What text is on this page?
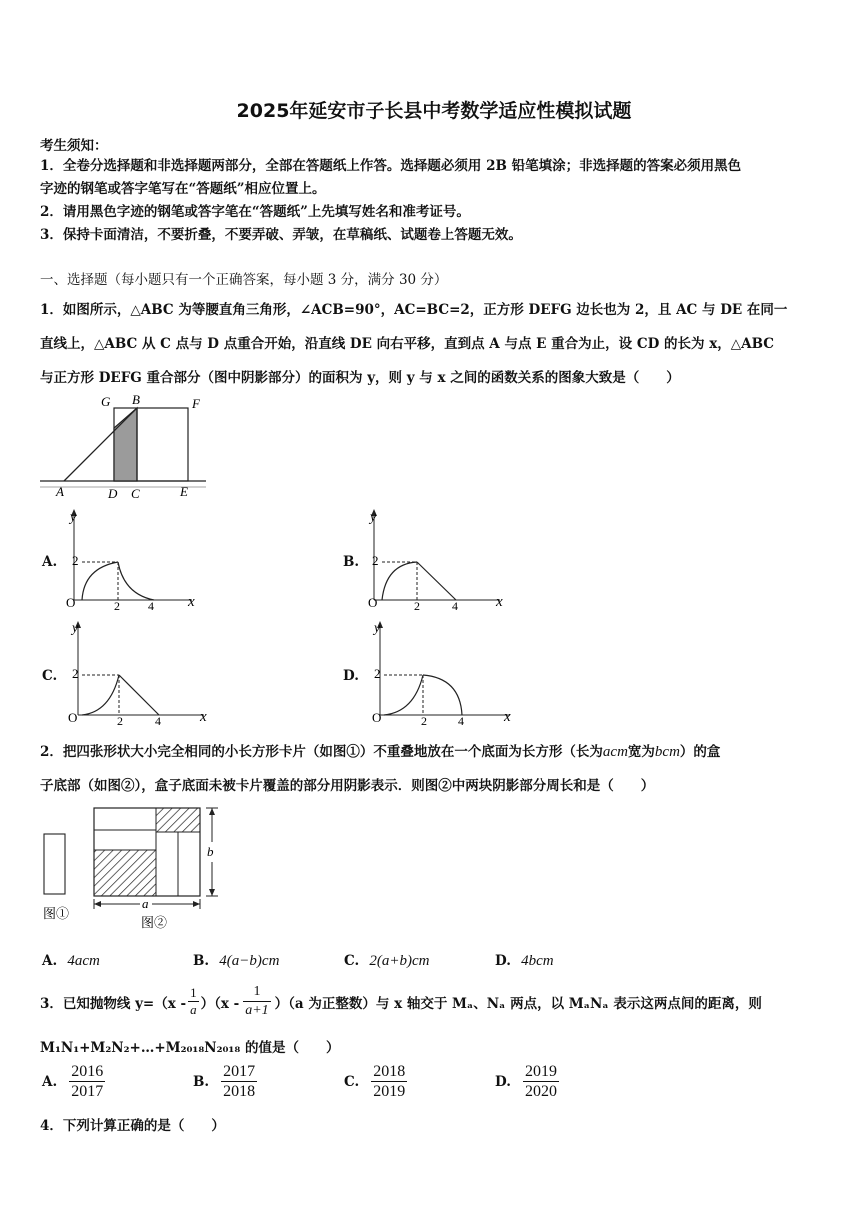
2025年延安市子长县中考数学适应性模拟试题
考生须知：
1．全卷分选择题和非选择题两部分，全部在答题纸上作答。选择题必须用 2B 铅笔填涂；非选择题的答案必须用黑色
字迹的钢笔或答字笔写在“答题纸”相应位置上。
2．请用黑色字迹的钢笔或答字笔在“答题纸”上先填写姓名和准考证号。
3．保持卡面清洁，不要折叠，不要弄破、弄皱，在草稿纸、试题卷上答题无效。
一、选择题（每小题只有一个正确答案，每小题 3 分，满分 30 分）
1．如图所示，△ABC 为等腰直角三角形，∠ACB=90°，AC=BC=2，正方形 DEFG 边长也为 2，且 AC 与 DE 在同一
直线上，△ABC 从 C 点与 D 点重合开始，沿直线 DE 向右平移，直到点 A 与点 E 重合为止，设 CD 的长为 x，△ABC
与正方形 DEFG 重合部分（图中阴影部分）的面积为 y，则 y 与 x 之间的函数关系的图象大致是（　　）
G B	F
A	D C	E
A.
y
x
O
2
2 4
B.
y
x
O
2
2	4
C.
y
x
O
2
2	4
D.
y
x
O
2
2	4
2．把四张形状大小完全相同的小长方形卡片（如图①）不重叠地放在一个底面为长方形（长为acm宽为bcm）的盒
子底部（如图②），盒子底面未被卡片覆盖的部分用阴影表示．则图②中两块阴影部分周长和是（　　）
图①
b
a
图②
A. 4acm	B. 4(a−b)cm	C. 2(a+b)cm	D. 4bcm
3．已知抛物线 $y=(x - \frac{1}{a} )(x - \frac{1}{a+1} )(a$ 为正整数）与 x 轴交于 Mₐ、Nₐ 两点，以 MₐNₐ 表示这两点间的距离，则
M₁N₁+M₂N₂+…+M₂₀₁₈N₂₀₁₈ 的值是（　　）
A. $\frac{2016}{2017}$	B. $\frac{2017}{2018}$	C. $\frac{2018}{2019}$	D. $\frac{2019}{2020}$
4．下列计算正确的是（　　）
